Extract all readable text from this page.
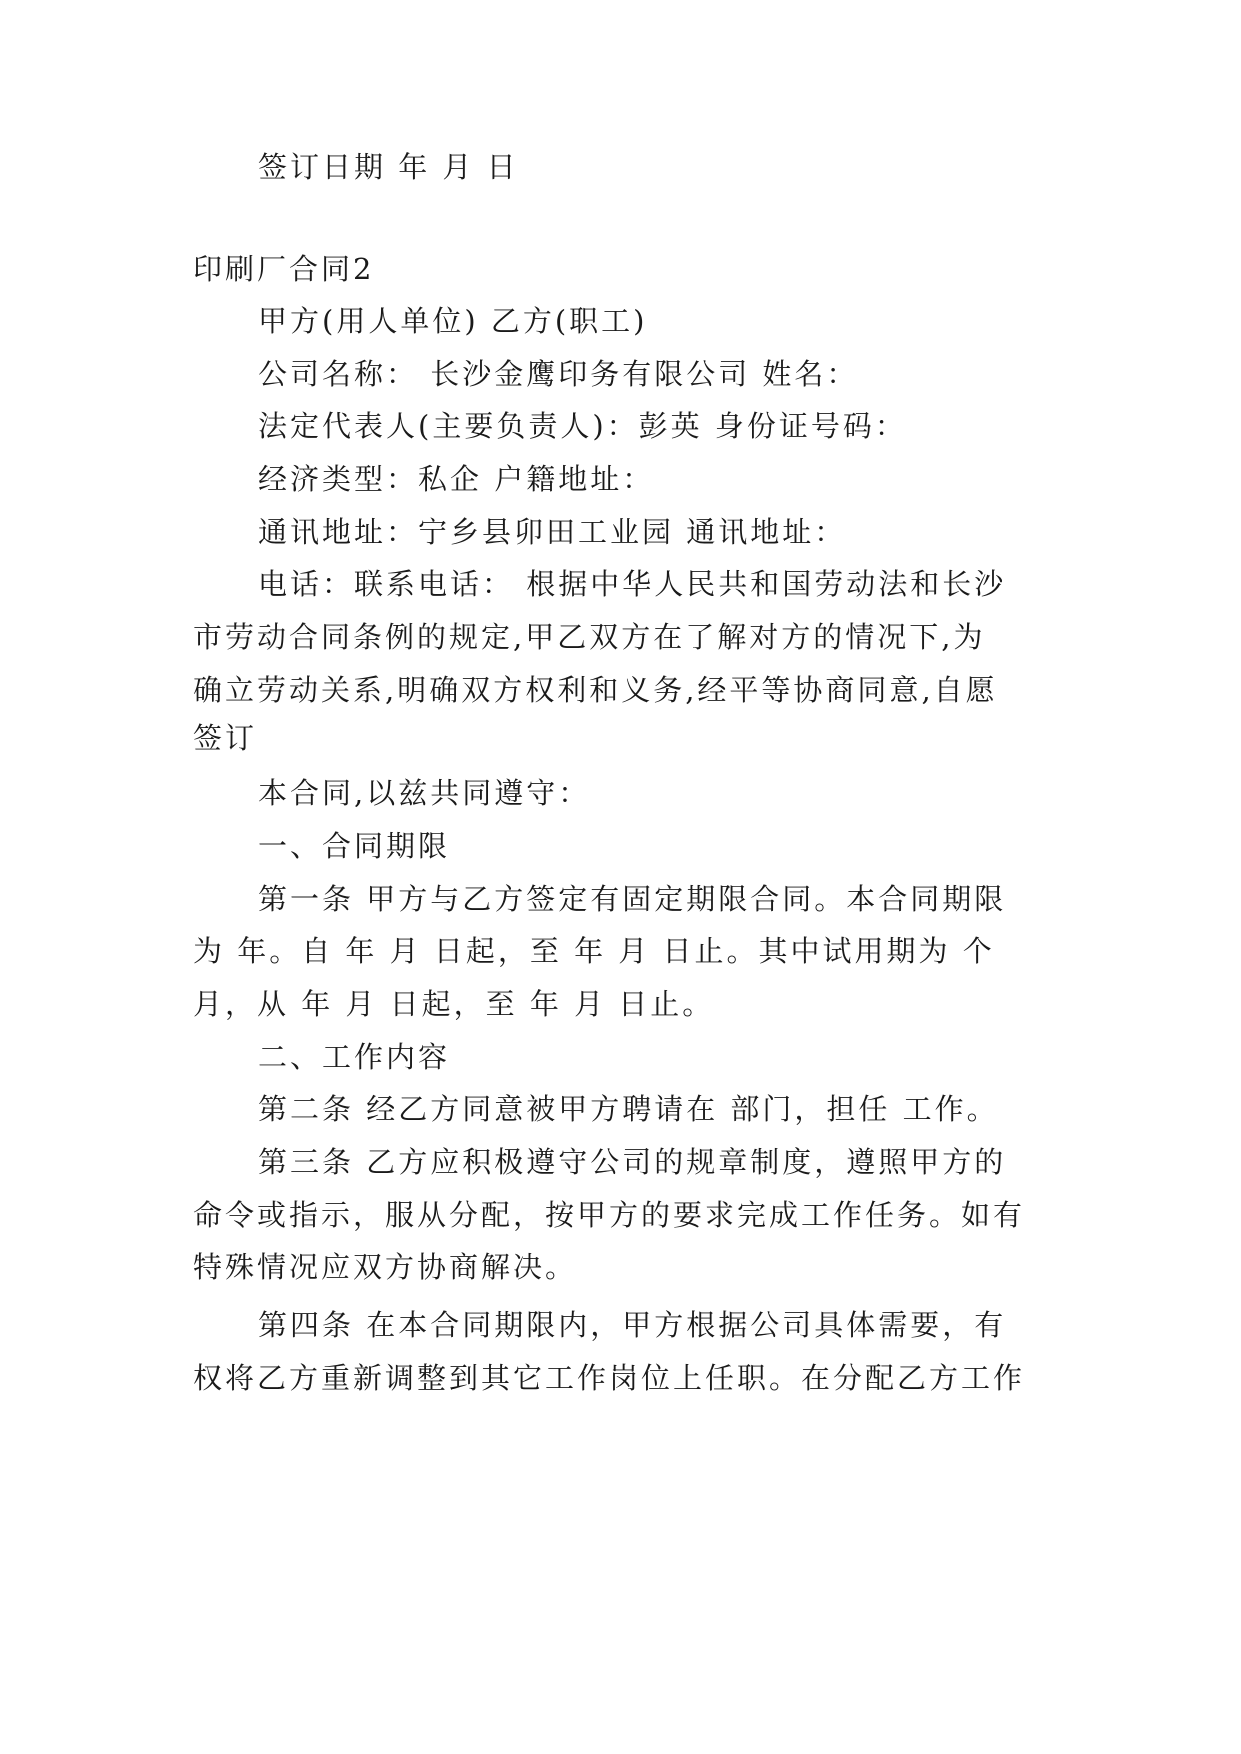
签订日期 年 月 日
印刷厂合同2
甲方(用人单位) 乙方(职工)
公司名称： 长沙金鹰印务有限公司 姓名：
法定代表人(主要负责人)：彭英 身份证号码：
经济类型：私企 户籍地址：
通讯地址：宁乡县卯田工业园 通讯地址：
电话：联系电话： 根据中华人民共和国劳动法和长沙
市劳动合同条例的规定,甲乙双方在了解对方的情况下,为
确立劳动关系,明确双方权利和义务,经平等协商同意,自愿
签订
本合同,以兹共同遵守：
一、合同期限
第一条 甲方与乙方签定有固定期限合同。本合同期限
为 年。自 年 月 日起，至 年 月 日止。其中试用期为 个
月，从 年 月 日起，至 年 月 日止。
二、工作内容
第二条 经乙方同意被甲方聘请在 部门，担任 工作。
第三条 乙方应积极遵守公司的规章制度，遵照甲方的
命令或指示，服从分配，按甲方的要求完成工作任务。如有
特殊情况应双方协商解决。
第四条 在本合同期限内，甲方根据公司具体需要，有
权将乙方重新调整到其它工作岗位上任职。在分配乙方工作
